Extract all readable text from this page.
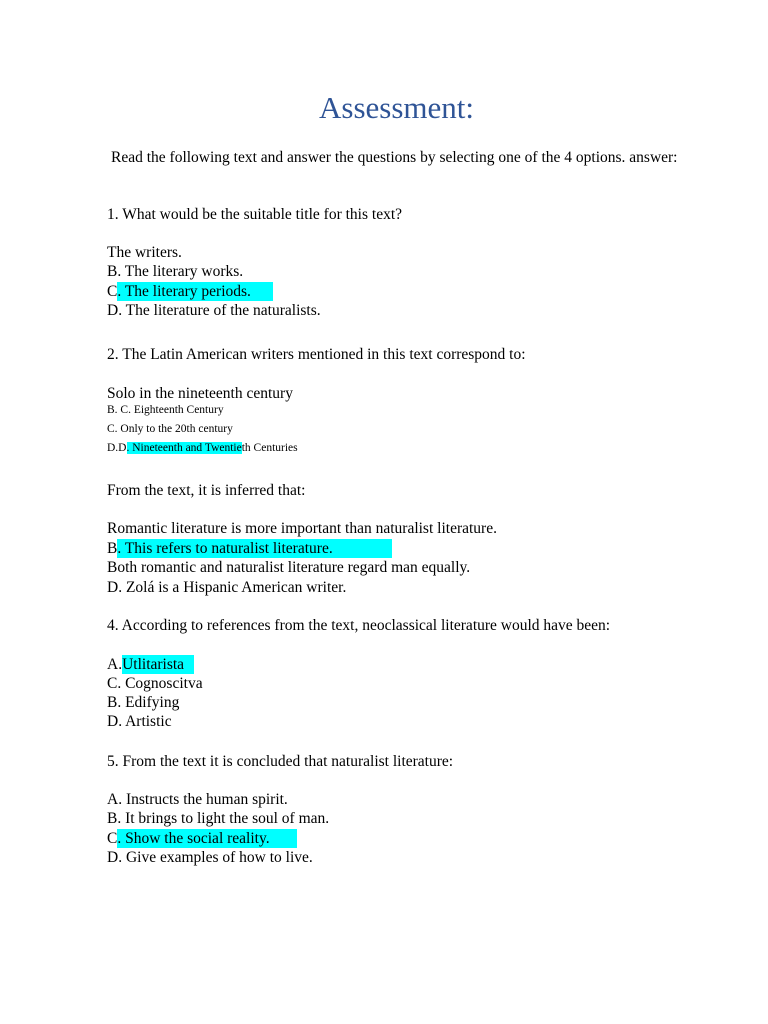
Assessment:
Read the following text and answer the questions by selecting one of the 4 options. answer:
1. What would be the suitable title for this text?
The writers.
B. The literary works.
C. The literary periods.
D. The literature of the naturalists.
2. The Latin American writers mentioned in this text correspond to:
Solo in the nineteenth century
B. C. Eighteenth Century
C. Only to the 20th century
D.D. Nineteenth and Twentieth Centuries
From the text, it is inferred that:
Romantic literature is more important than naturalist literature.
B. This refers to naturalist literature.
Both romantic and naturalist literature regard man equally.
D. Zolá is a Hispanic American writer.
4. According to references from the text, neoclassical literature would have been:
A.Utlitarista
C. Cognoscitva
B. Edifying
D. Artistic
5. From the text it is concluded that naturalist literature:
A. Instructs the human spirit.
B. It brings to light the soul of man.
C. Show the social reality.
D. Give examples of how to live.
